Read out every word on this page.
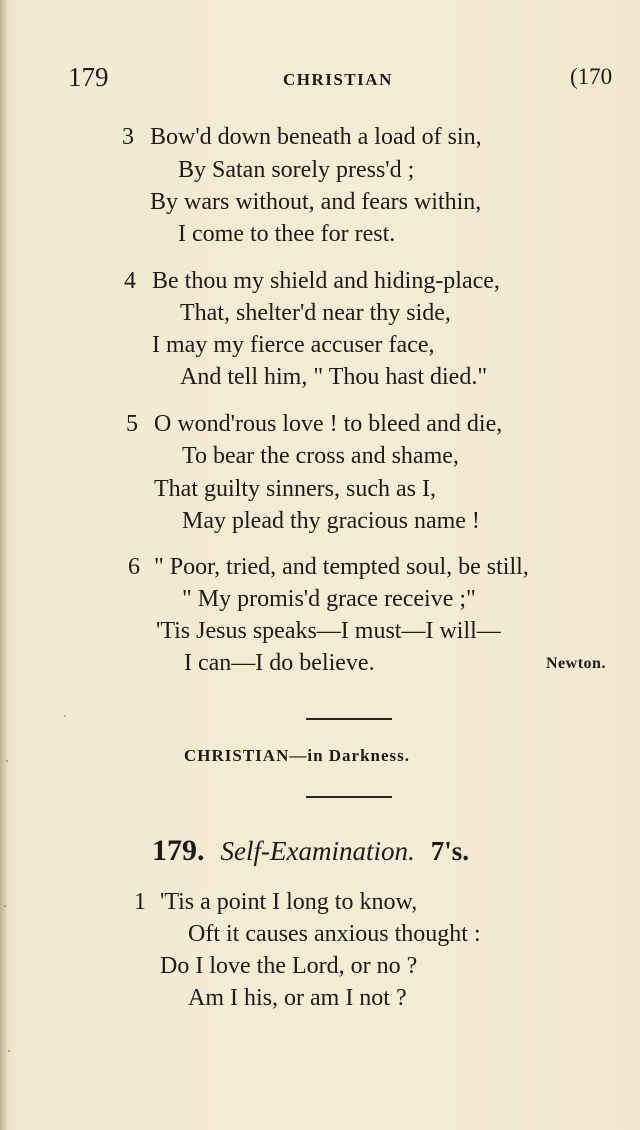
179	CHRISTIAN	(170
3 Bow'd down beneath a load of sin,
By Satan sorely press'd ;
By wars without, and fears within,
I come to thee for rest.
4 Be thou my shield and hiding-place,
That, shelter'd near thy side,
I may my fierce accuser face,
And tell him, " Thou hast died."
5 O wond'rous love ! to bleed and die,
To bear the cross and shame,
That guilty sinners, such as I,
May plead thy gracious name !
6 " Poor, tried, and tempted soul, be still,
" My promis'd grace receive ;"
'Tis Jesus speaks—I must—I will—
I can—I do believe.	Newton.
CHRISTIAN—in Darkness.
179. Self-Examination. 7's.
1 'Tis a point I long to know,
Oft it causes anxious thought :
Do I love the Lord, or no ?
Am I his, or am I not ?
